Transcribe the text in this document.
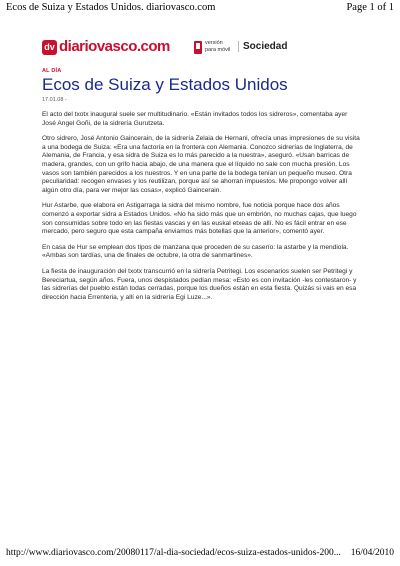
Ecos de Suiza y Estados Unidos. diariovasco.com	Page 1 of 1
dv diariovasco.com	versión
para móvil	Sociedad

AL DÍA

Ecos de Suiza y Estados Unidos

17.01.08 -

El acto del txotx inaugural suele ser multitudinario. «Están invitados todos los sidreros», comentaba ayer José Angel Goñi, de la sidrería Gurutzeta.

Otro sidrero, José Antonio Gaincerain, de la sidrería Zelaia de Hernani, ofrecía unas impresiones de su visita a una bodega de Suiza: «Era una factoría en la frontera con Alemania. Conozco sidrerías de Inglaterra, de Alemania, de Francia, y esa sidra de Suiza es lo más parecido a la nuestra», aseguró. «Usan barricas de madera, grandes, con un grifo hacia abajo, de una manera que el líquido no sale con mucha presión. Los vasos son también parecidos a los nuestros. Y en una parte de la bodega tenían un pequeño museo. Otra peculiaridad: recogen envases y los reutilizan, porque así se ahorran impuestos. Me propongo volver allí algún otro día, para ver mejor las cosas», explicó Gaincerain.

Hur Astarbe, que elabora en Astigarraga la sidra del mismo nombre, fue noticia porque hace dos años comenzó a exportar sidra a Estados Unidos. «No ha sido más que un embrión, no muchas cajas, que luego son consumidas sobre todo en las fiestas vascas y en las euskal etxeas de allí. No es fácil entrar en ese mercado, pero seguro que esta campaña enviamos más botellas que la anterior», comentó ayer.

En casa de Hur se emplean dos tipos de manzana que proceden de su caserío: la astarbe y la mendiola. «Ambas son tardías, una de finales de octubre, la otra de sanmartines».

La fiesta de inauguración del txotx transcurrió en la sidrería Petritegi. Los escenarios suelen ser Petritegi y Bereciartua, según años. Fuera, unos despistados pedían mesa: «Esto es con invitación -les contestaron- y las sidrerías del pueblo están todas cerradas, porque los dueños están en esta fiesta. Quizás si vais en esa dirección hacia Errenteria, y allí en la sidrería Egi Luze...».

http://www.diariovasco.com/20080117/al-dia-sociedad/ecos-suiza-estados-unidos-200... 16/04/2010
